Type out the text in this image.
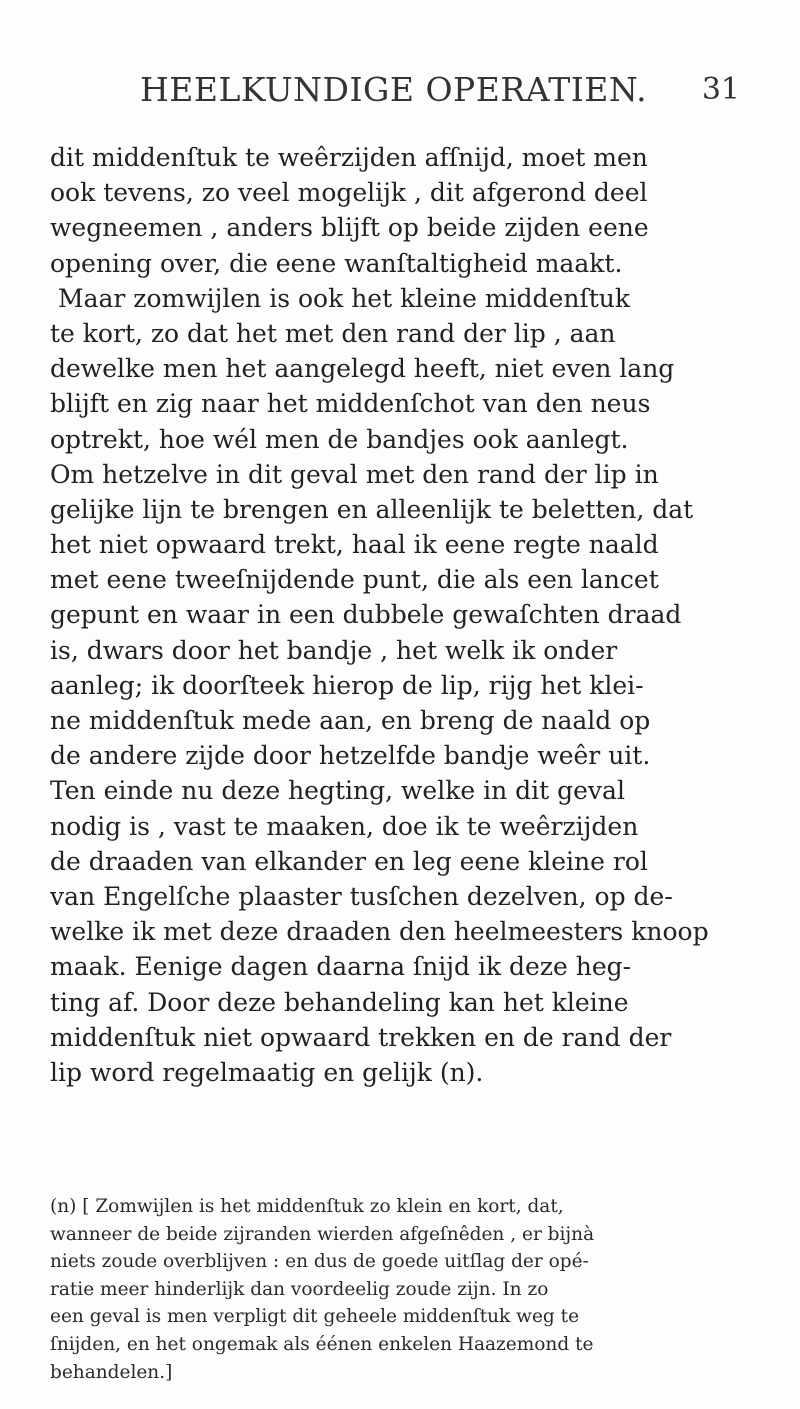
HEELKUNDIGE OPERATIEN. 31
dit middenſtuk te weêrzijden afſnijd, moet men
ook tevens, zo veel mogelijk , dit afgerond deel
wegneemen , anders blijft op beide zijden eene
opening over, die eene wanſtaltigheid maakt.
Maar zomwijlen is ook het kleine middenſtuk
te kort, zo dat het met den rand der lip , aan
dewelke men het aangelegd heeft, niet even lang
blijft en zig naar het middenſchot van den neus
optrekt, hoe wél men de bandjes ook aanlegt.
Om hetzelve in dit geval met den rand der lip in
gelijke lijn te brengen en alleenlijk te beletten, dat
het niet opwaard trekt, haal ik eene regte naald
met eene tweeſnijdende punt, die als een lancet
gepunt en waar in een dubbele gewaſchten draad
is, dwars door het bandje , het welk ik onder
aanleg; ik doorſteek hierop de lip, rijg het klei-
ne middenſtuk mede aan, en breng de naald op
de andere zijde door hetzelfde bandje weêr uit.
Ten einde nu deze hegting, welke in dit geval
nodig is , vast te maaken, doe ik te weêrzijden
de draaden van elkander en leg eene kleine rol
van Engelſche plaaster tusſchen dezelven, op de-
welke ik met deze draaden den heelmeesters knoop
maak. Eenige dagen daarna ſnijd ik deze heg-
ting af. Door deze behandeling kan het kleine
middenſtuk niet opwaard trekken en de rand der
lip word regelmaatig en gelijk (n).
(n) [ Zomwijlen is het middenſtuk zo klein en kort, dat,
wanneer de beide zijranden wierden afgeſnêden , er bijnà
niets zoude overblijven : en dus de goede uitſlag der opé-
ratie meer hinderlijk dan voordeelig zoude zijn. In zo
een geval is men verpligt dit geheele middenſtuk weg te
ſnijden, en het ongemak als éénen enkelen Haazemond te
behandelen.]
